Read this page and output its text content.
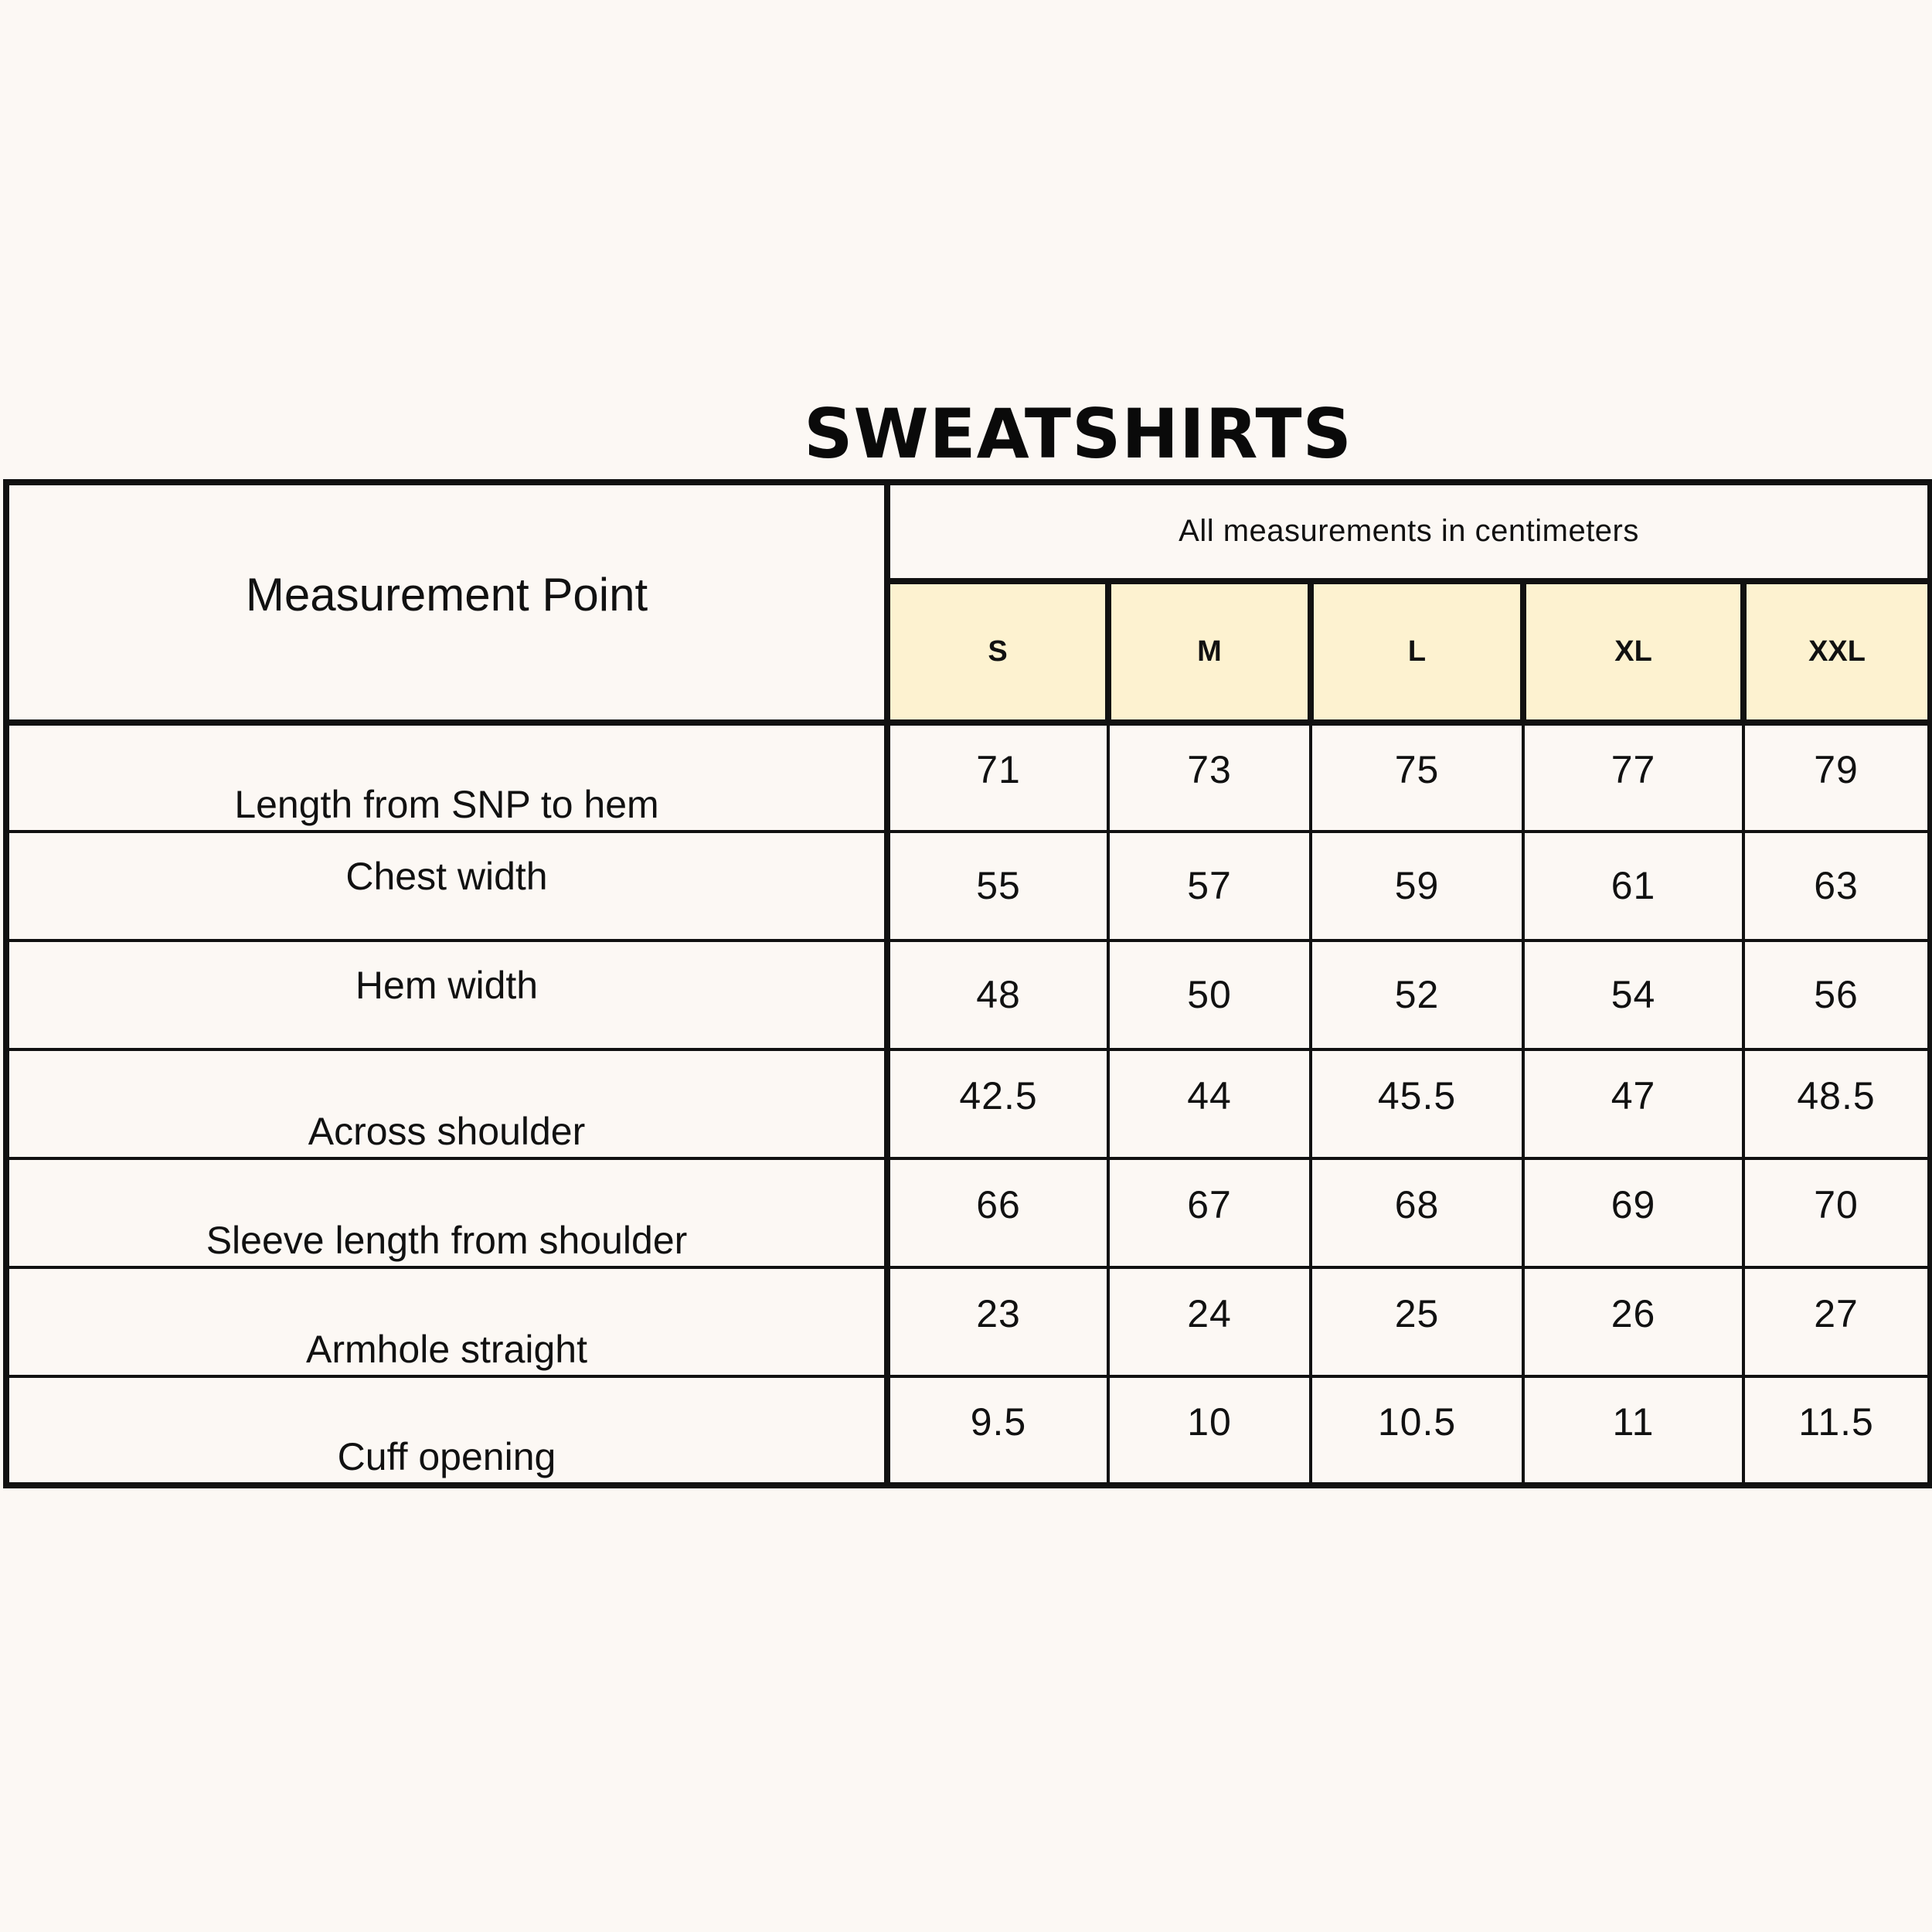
SWEATSHIRTS
Measurement Point	All measurements in centimeters				
	S	M	L	XL	XXL
Length from SNP to hem	71	73	75	77	79
Chest width	55	57	59	61	63
Hem width	48	50	52	54	56
Across shoulder	42.5	44	45.5	47	48.5
Sleeve length from shoulder	66	67	68	69	70
Armhole straight	23	24	25	26	27
Cuff opening	9.5	10	10.5	11	11.5
